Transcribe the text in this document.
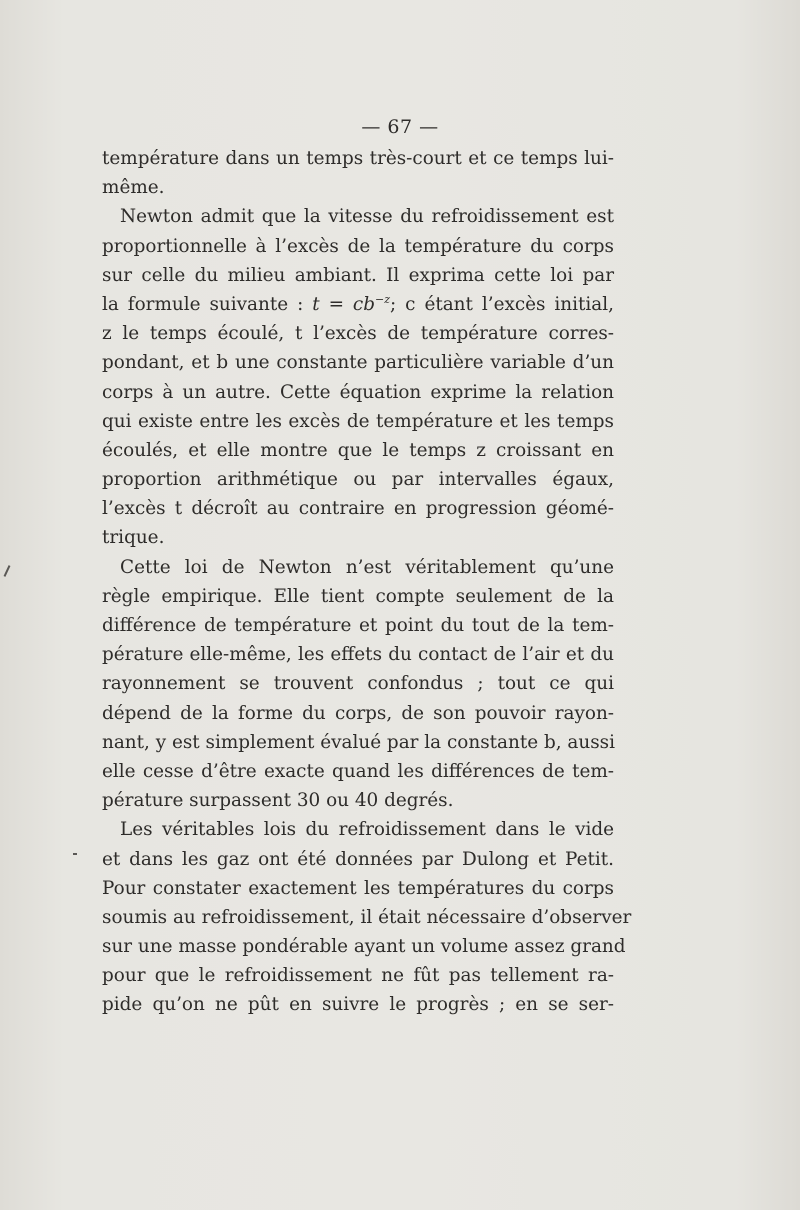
— 67 —
température dans un temps très-court et ce temps lui-
même.
Newton admit que la vitesse du refroidissement est
proportionnelle à l’excès de la température du corps
sur celle du milieu ambiant. Il exprima cette loi par
la formule suivante : $t = cb^{-z}$; c étant l’excès initial,
z le temps écoulé, t l’excès de température corres-
pondant, et b une constante particulière variable d’un
corps à un autre. Cette équation exprime la relation
qui existe entre les excès de température et les temps
écoulés, et elle montre que le temps z croissant en
proportion arithmétique ou par intervalles égaux,
l’excès t décroît au contraire en progression géomé-
trique.
Cette loi de Newton n’est véritablement qu’une
règle empirique. Elle tient compte seulement de la
différence de température et point du tout de la tem-
pérature elle-même, les effets du contact de l’air et du
rayonnement se trouvent confondus ; tout ce qui
dépend de la forme du corps, de son pouvoir rayon-
nant, y est simplement évalué par la constante b, aussi
elle cesse d’être exacte quand les différences de tem-
pérature surpassent 30 ou 40 degrés.
Les véritables lois du refroidissement dans le vide
et dans les gaz ont été données par Dulong et Petit.
Pour constater exactement les températures du corps
soumis au refroidissement, il était nécessaire d’observer
sur une masse pondérable ayant un volume assez grand
pour que le refroidissement ne fût pas tellement ra-
pide qu’on ne pût en suivre le progrès ; en se ser-
